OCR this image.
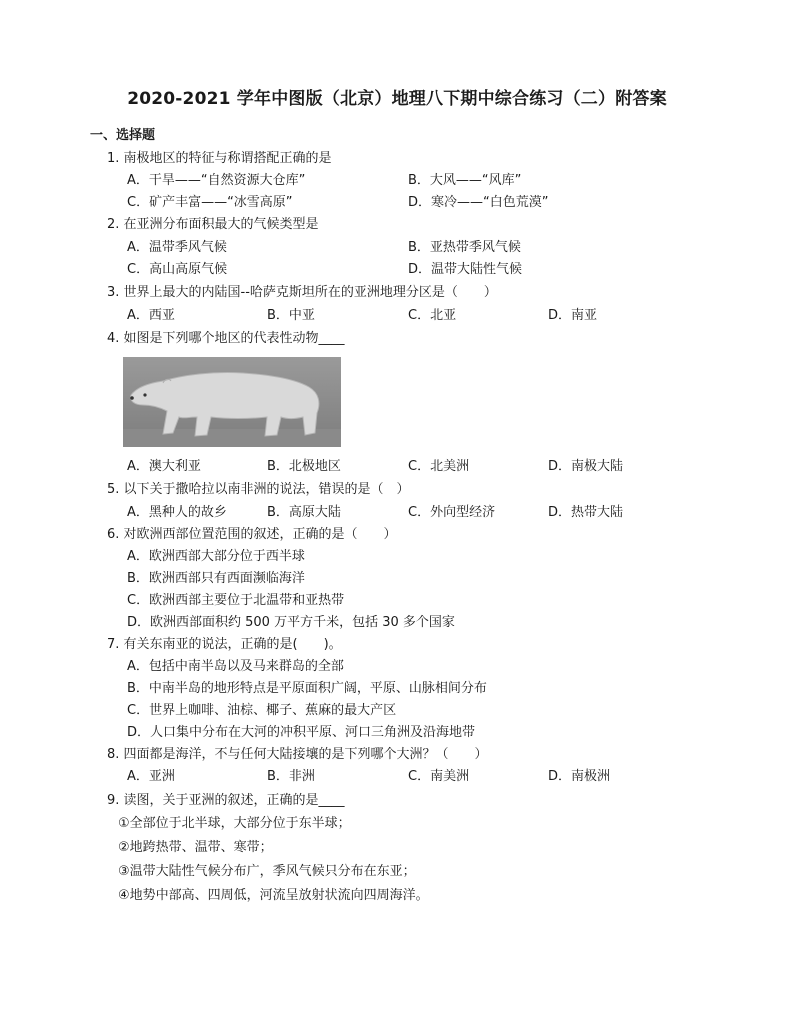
2020-2021 学年中图版（北京）地理八下期中综合练习（二）附答案
一、选择题
1. 南极地区的特征与称谓搭配正确的是
A．干旱——“自然资源大仓库”	B．大风——“风库”
C．矿产丰富——“冰雪高原”	D．寒冷——“白色荒漠”
2. 在亚洲分布面积最大的气候类型是
A．温带季风气候	B．亚热带季风气候
C．高山高原气候	D．温带大陆性气候
3. 世界上最大的内陆国--哈萨克斯坦所在的亚洲地理分区是（　　）
A．西亚	B．中亚	C．北亚	D．南亚
4. 如图是下列哪个地区的代表性动物____
A．澳大利亚	B．北极地区	C．北美洲	D．南极大陆
5. 以下关于撒哈拉以南非洲的说法，错误的是（　）
A．黑种人的故乡	B．高原大陆	C．外向型经济	D．热带大陆
6. 对欧洲西部位置范围的叙述，正确的是（　　）
A．欧洲西部大部分位于西半球
B．欧洲西部只有西面濒临海洋
C．欧洲西部主要位于北温带和亚热带
D．欧洲西部面积约 500 万平方千米，包括 30 多个国家
7. 有关东南亚的说法，正确的是(　　)。
A．包括中南半岛以及马来群岛的全部
B．中南半岛的地形特点是平原面积广阔，平原、山脉相间分布
C．世界上咖啡、油棕、椰子、蕉麻的最大产区
D．人口集中分布在大河的冲积平原、河口三角洲及沿海地带
8. 四面都是海洋，不与任何大陆接壤的是下列哪个大洲？（　　）
A．亚洲	B．非洲	C．南美洲	D．南极洲
9. 读图，关于亚洲的叙述，正确的是____
①全部位于北半球，大部分位于东半球；
②地跨热带、温带、寒带；
③温带大陆性气候分布广，季风气候只分布在东亚；
④地势中部高、四周低，河流呈放射状流向四周海洋。
